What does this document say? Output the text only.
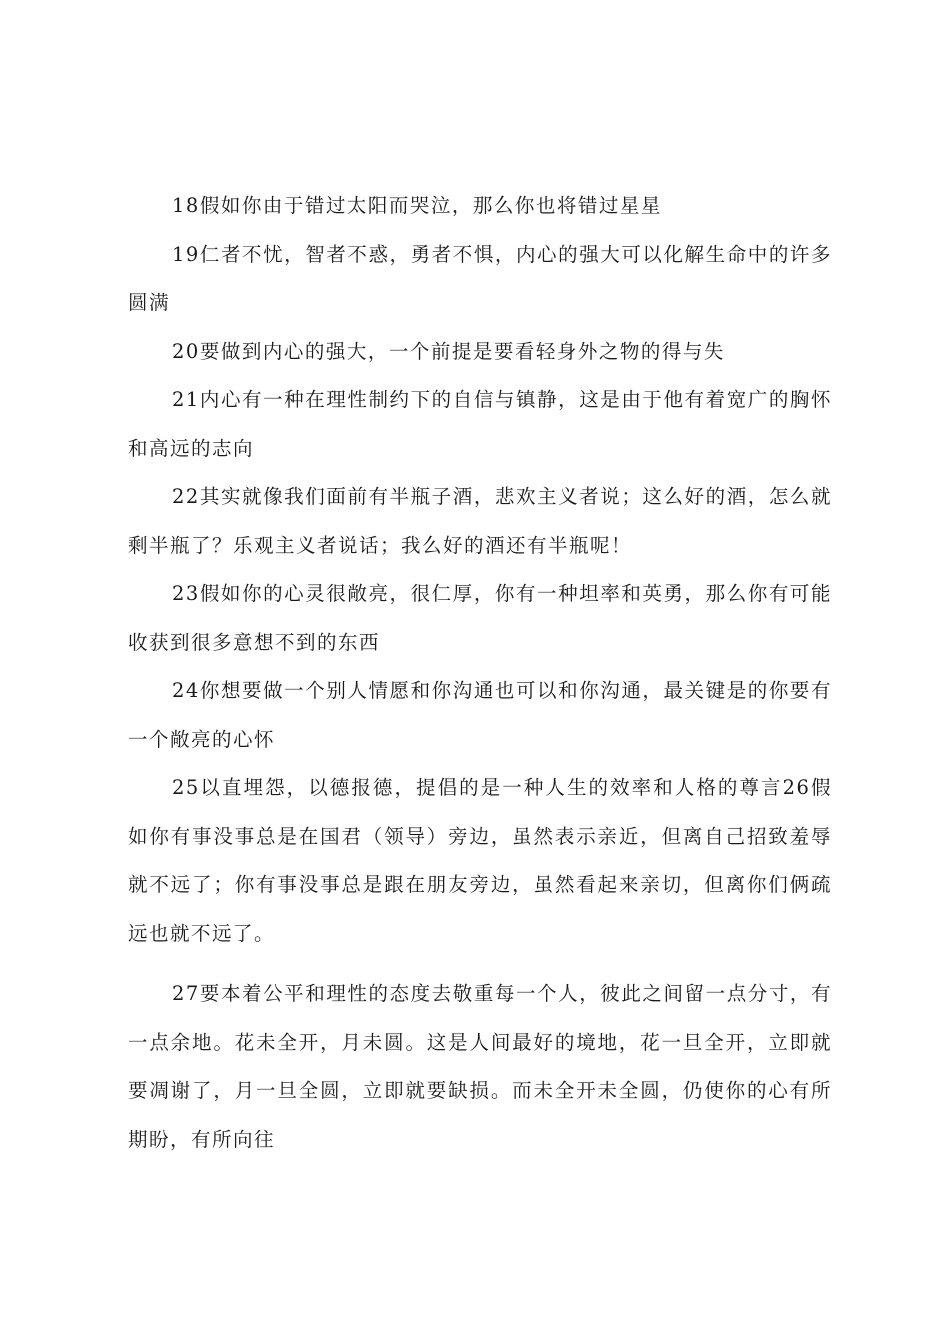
18假如你由于错过太阳而哭泣，那么你也将错过星星

19仁者不忧，智者不惑，勇者不惧，内心的强大可以化解生命中的许多圆满

20要做到内心的强大，一个前提是要看轻身外之物的得与失

21内心有一种在理性制约下的自信与镇静，这是由于他有着宽广的胸怀和高远的志向

22其实就像我们面前有半瓶子酒，悲欢主义者说；这么好的酒，怎么就剩半瓶了？乐观主义者说话；我么好的酒还有半瓶呢！

23假如你的心灵很敞亮，很仁厚，你有一种坦率和英勇，那么你有可能收获到很多意想不到的东西

24你想要做一个别人情愿和你沟通也可以和你沟通，最关键是的你要有一个敞亮的心怀

25以直埋怨，以德报德，提倡的是一种人生的效率和人格的尊言26假如你有事没事总是在国君（领导）旁边，虽然表示亲近，但离自己招致羞辱就不远了；你有事没事总是跟在朋友旁边，虽然看起来亲切，但离你们俩疏远也就不远了。

27要本着公平和理性的态度去敬重每一个人，彼此之间留一点分寸，有一点余地。花未全开，月未圆。这是人间最好的境地，花一旦全开，立即就要凋谢了，月一旦全圆，立即就要缺损。而未全开未全圆，仍使你的心有所期盼，有所向往
